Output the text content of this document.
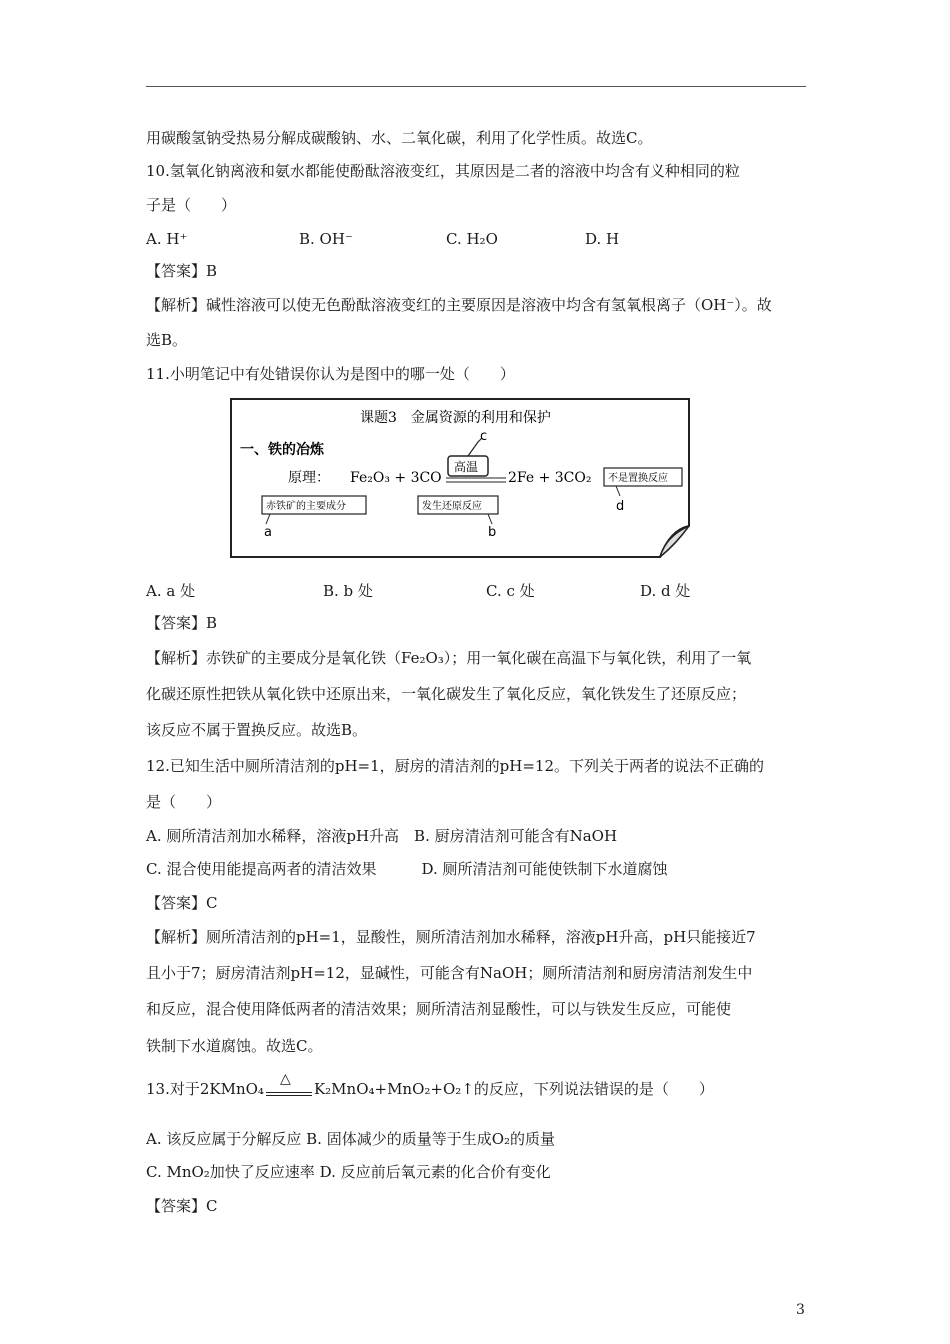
用碳酸氢钠受热易分解成碳酸钠、水、二氧化碳，利用了化学性质。故选C。
10.氢氧化钠离液和氨水都能使酚酞溶液变红，其原因是二者的溶液中均含有义种相同的粒
子是（　　）
A. H⁺	B. OH⁻	C. H₂O	D. H
【答案】B
【解析】碱性溶液可以使无色酚酞溶液变红的主要原因是溶液中均含有氢氧根离子（OH⁻）。故
选B。
11.小明笔记中有处错误你认为是图中的哪一处（　　）
课题3　金属资源的利用和保护
一、铁的冶炼
原理： Fe₂O₃ + 3CO	2Fe + 3CO₂
高温
c
赤铁矿的主要成分
a
发生还原反应
b
不是置换反应
d
A. a 处	B. b 处	C. c 处	D. d 处
【答案】B
【解析】赤铁矿的主要成分是氧化铁（Fe₂O₃）；用一氧化碳在高温下与氧化铁，利用了一氧
化碳还原性把铁从氧化铁中还原出来，一氧化碳发生了氧化反应，氧化铁发生了还原反应；
该反应不属于置换反应。故选B。
12.已知生活中厕所清洁剂的pH=1，厨房的清洁剂的pH=12。下列关于两者的说法不正确的
是（　　）
A. 厕所清洁剂加水稀释，溶液pH升高　B. 厨房清洁剂可能含有NaOH
C. 混合使用能提高两者的清洁效果　　　D. 厕所清洁剂可能使铁制下水道腐蚀
【答案】C
【解析】厕所清洁剂的pH=1，显酸性，厕所清洁剂加水稀释，溶液pH升高，pH只能接近7
且小于7；厨房清洁剂pH=12，显碱性，可能含有NaOH；厕所清洁剂和厨房清洁剂发生中
和反应，混合使用降低两者的清洁效果；厕所清洁剂显酸性，可以与铁发生反应，可能使
铁制下水道腐蚀。故选C。
13.对于2KMnO₄
△
K₂MnO₄+MnO₂+O₂↑的反应，下列说法错误的是（　　）
A. 该反应属于分解反应 B. 固体减少的质量等于生成O₂的质量
C. MnO₂加快了反应速率 D. 反应前后氧元素的化合价有变化
【答案】C
3
